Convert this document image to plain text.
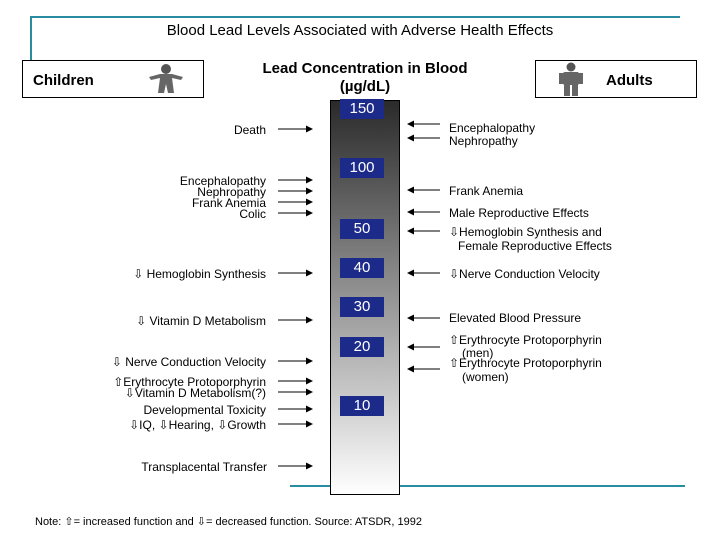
Blood Lead Levels Associated with Adverse Health Effects
Children	Adults
Lead Concentration in Blood
(µg/dL)
150
100
50
40
30
20
10
Death
Encephalopathy
Nephropathy
Frank Anemia
Colic
⇩ Hemoglobin Synthesis
⇩ Vitamin D Metabolism
⇩ Nerve Conduction Velocity
⇧Erythrocyte Protoporphyrin
⇩Vitamin D Metabolism(?)
Developmental Toxicity
⇩IQ, ⇩Hearing, ⇩Growth
Transplacental Transfer
Encephalopathy
Nephropathy
Frank Anemia
Male Reproductive Effects
⇩Hemoglobin Synthesis and
Female Reproductive Effects
⇩Nerve Conduction Velocity
Elevated Blood Pressure
⇧Erythrocyte Protoporphyrin
(men)
⇧Erythrocyte Protoporphyrin
(women)
Note: ⇧= increased function and ⇩= decreased function. Source: ATSDR, 1992
